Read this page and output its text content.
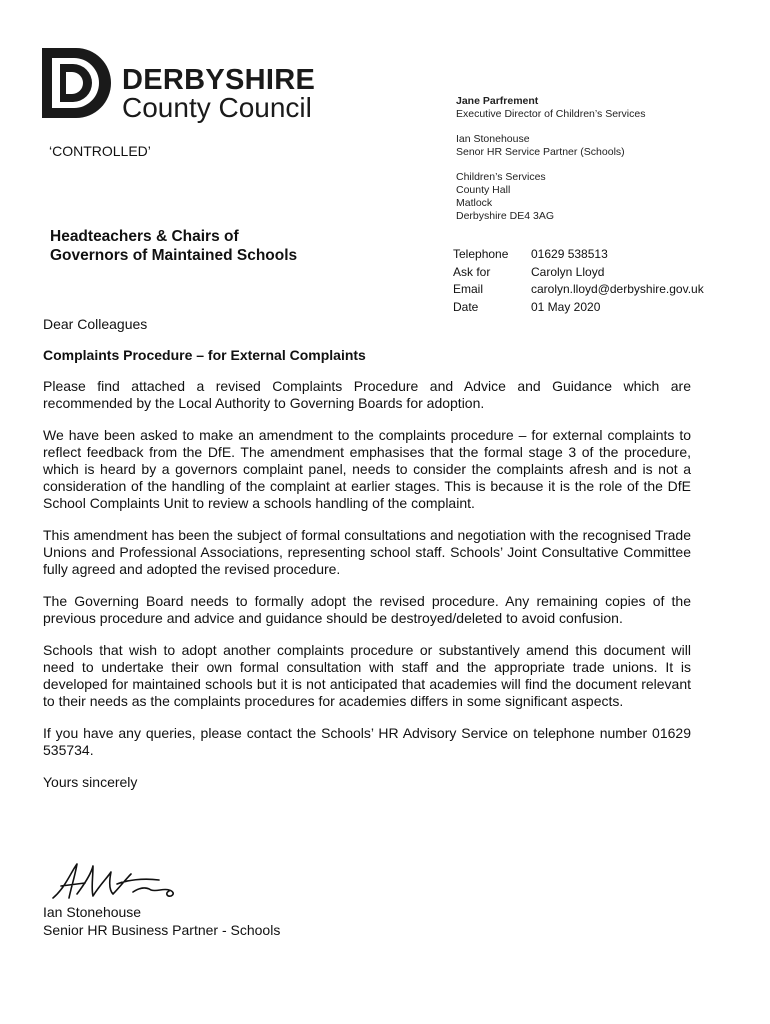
DERBYSHIRE
County Council
‘CONTROLLED’
Jane Parfrement
Executive Director of Children’s Services
Ian Stonehouse
Senor HR Service Partner (Schools)
Children’s Services
County Hall
Matlock
Derbyshire DE4 3AG
Headteachers & Chairs of
Governors of Maintained Schools	Telephone	01629 538513
Ask for	Carolyn Lloyd
Email	carolyn.lloyd@derbyshire.gov.uk
Date	01 May 2020

Dear Colleagues

Complaints Procedure – for External Complaints

Please find attached a revised Complaints Procedure and Advice and Guidance which are recommended by the Local Authority to Governing Boards for adoption.

We have been asked to make an amendment to the complaints procedure – for external complaints to reflect feedback from the DfE. The amendment emphasises that the formal stage 3 of the procedure, which is heard by a governors complaint panel, needs to consider the complaints afresh and is not a consideration of the handling of the complaint at earlier stages. This is because it is the role of the DfE School Complaints Unit to review a schools handling of the complaint.

This amendment has been the subject of formal consultations and negotiation with the recognised Trade Unions and Professional Associations, representing school staff. Schools’ Joint Consultative Committee fully agreed and adopted the revised procedure.

The Governing Board needs to formally adopt the revised procedure. Any remaining copies of the previous procedure and advice and guidance should be destroyed/deleted to avoid confusion.

Schools that wish to adopt another complaints procedure or substantively amend this document will need to undertake their own formal consultation with staff and the appropriate trade unions. It is developed for maintained schools but it is not anticipated that academies will find the document relevant to their needs as the complaints procedures for academies differs in some significant aspects.

If you have any queries, please contact the Schools’ HR Advisory Service on telephone number 01629 535734.

Yours sincerely

Ian Stonehouse
Senior HR Business Partner - Schools
